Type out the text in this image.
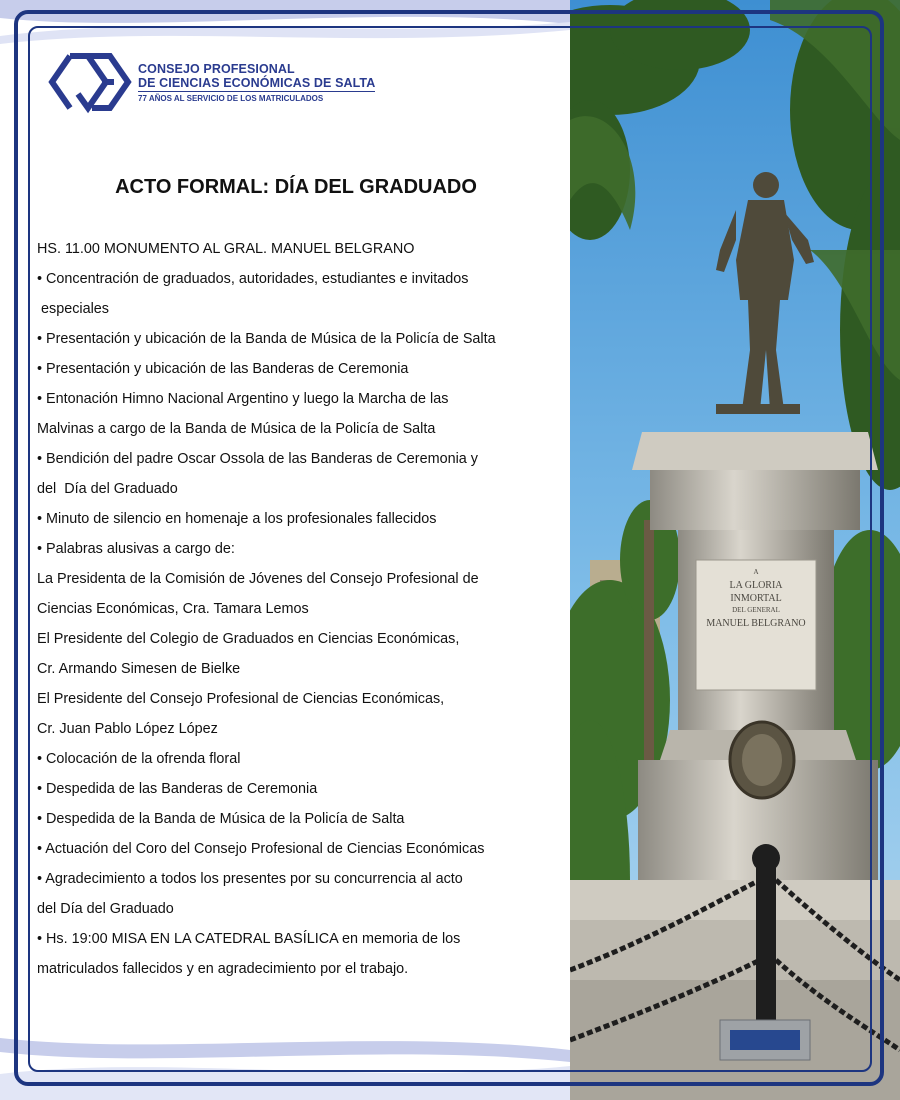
A
LA GLORIA
INMORTAL
DEL GENERAL
MANUEL BELGRANO
CONSEJO PROFESIONAL
DE CIENCIAS ECONÓMICAS DE SALTA
77 AÑOS AL SERVICIO DE LOS MATRICULADOS
ACTO FORMAL: DÍA DEL GRADUADO
HS. 11.00 MONUMENTO AL GRAL. MANUEL BELGRANO
• Concentración de graduados, autoridades, estudiantes e invitados
especiales
• Presentación y ubicación de la Banda de Música de la Policía de Salta
• Presentación y ubicación de las Banderas de Ceremonia
• Entonación Himno Nacional Argentino y luego la Marcha de las
Malvinas a cargo de la Banda de Música de la Policía de Salta
• Bendición del padre Oscar Ossola de las Banderas de Ceremonia y
del  Día del Graduado
• Minuto de silencio en homenaje a los profesionales fallecidos
• Palabras alusivas a cargo de:
La Presidenta de la Comisión de Jóvenes del Consejo Profesional de
Ciencias Económicas, Cra. Tamara Lemos
El Presidente del Colegio de Graduados en Ciencias Económicas,
Cr. Armando Simesen de Bielke
El Presidente del Consejo Profesional de Ciencias Económicas,
Cr. Juan Pablo López López
• Colocación de la ofrenda floral
• Despedida de las Banderas de Ceremonia
• Despedida de la Banda de Música de la Policía de Salta
• Actuación del Coro del Consejo Profesional de Ciencias Económicas
• Agradecimiento a todos los presentes por su concurrencia al acto
del Día del Graduado
• Hs. 19:00 MISA EN LA CATEDRAL BASÍLICA en memoria de los
matriculados fallecidos y en agradecimiento por el trabajo.
